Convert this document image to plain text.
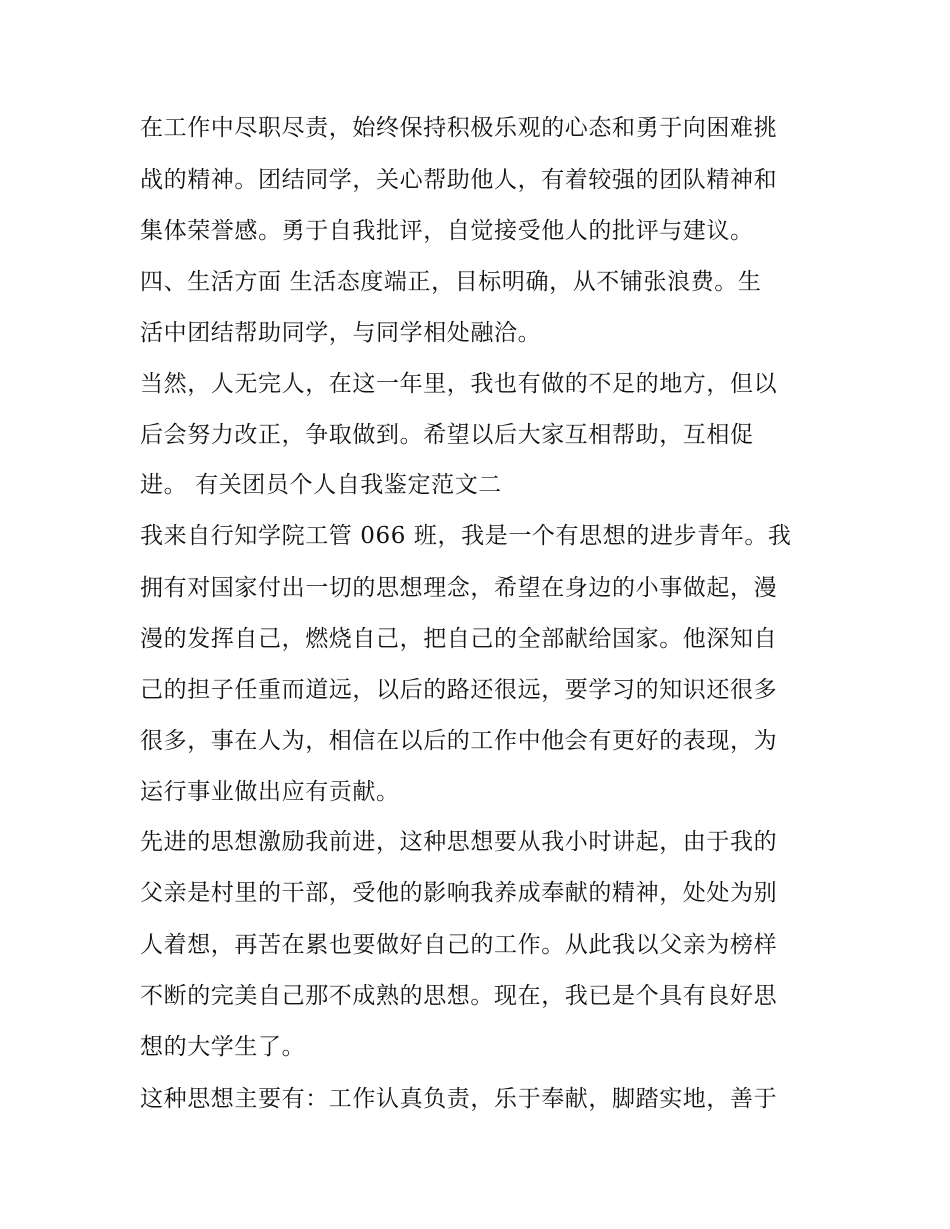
在工作中尽职尽责，始终保持积极乐观的心态和勇于向困难挑
战的精神。团结同学，关心帮助他人，有着较强的团队精神和
集体荣誉感。勇于自我批评，自觉接受他人的批评与建议。
四、生活方面 生活态度端正，目标明确，从不铺张浪费。生
活中团结帮助同学，与同学相处融洽。
当然，人无完人，在这一年里，我也有做的不足的地方，但以
后会努力改正，争取做到。希望以后大家互相帮助，互相促
进。 有关团员个人自我鉴定范文二
我来自行知学院工管 066 班，我是一个有思想的进步青年。我
拥有对国家付出一切的思想理念，希望在身边的小事做起，漫
漫的发挥自己，燃烧自己，把自己的全部献给国家。他深知自
己的担子任重而道远，以后的路还很远，要学习的知识还很多
很多，事在人为，相信在以后的工作中他会有更好的表现，为
运行事业做出应有贡献。
先进的思想激励我前进，这种思想要从我小时讲起，由于我的
父亲是村里的干部，受他的影响我养成奉献的精神，处处为别
人着想，再苦在累也要做好自己的工作。从此我以父亲为榜样
不断的完美自己那不成熟的思想。现在，我已是个具有良好思
想的大学生了。
这种思想主要有：工作认真负责，乐于奉献，脚踏实地，善于
